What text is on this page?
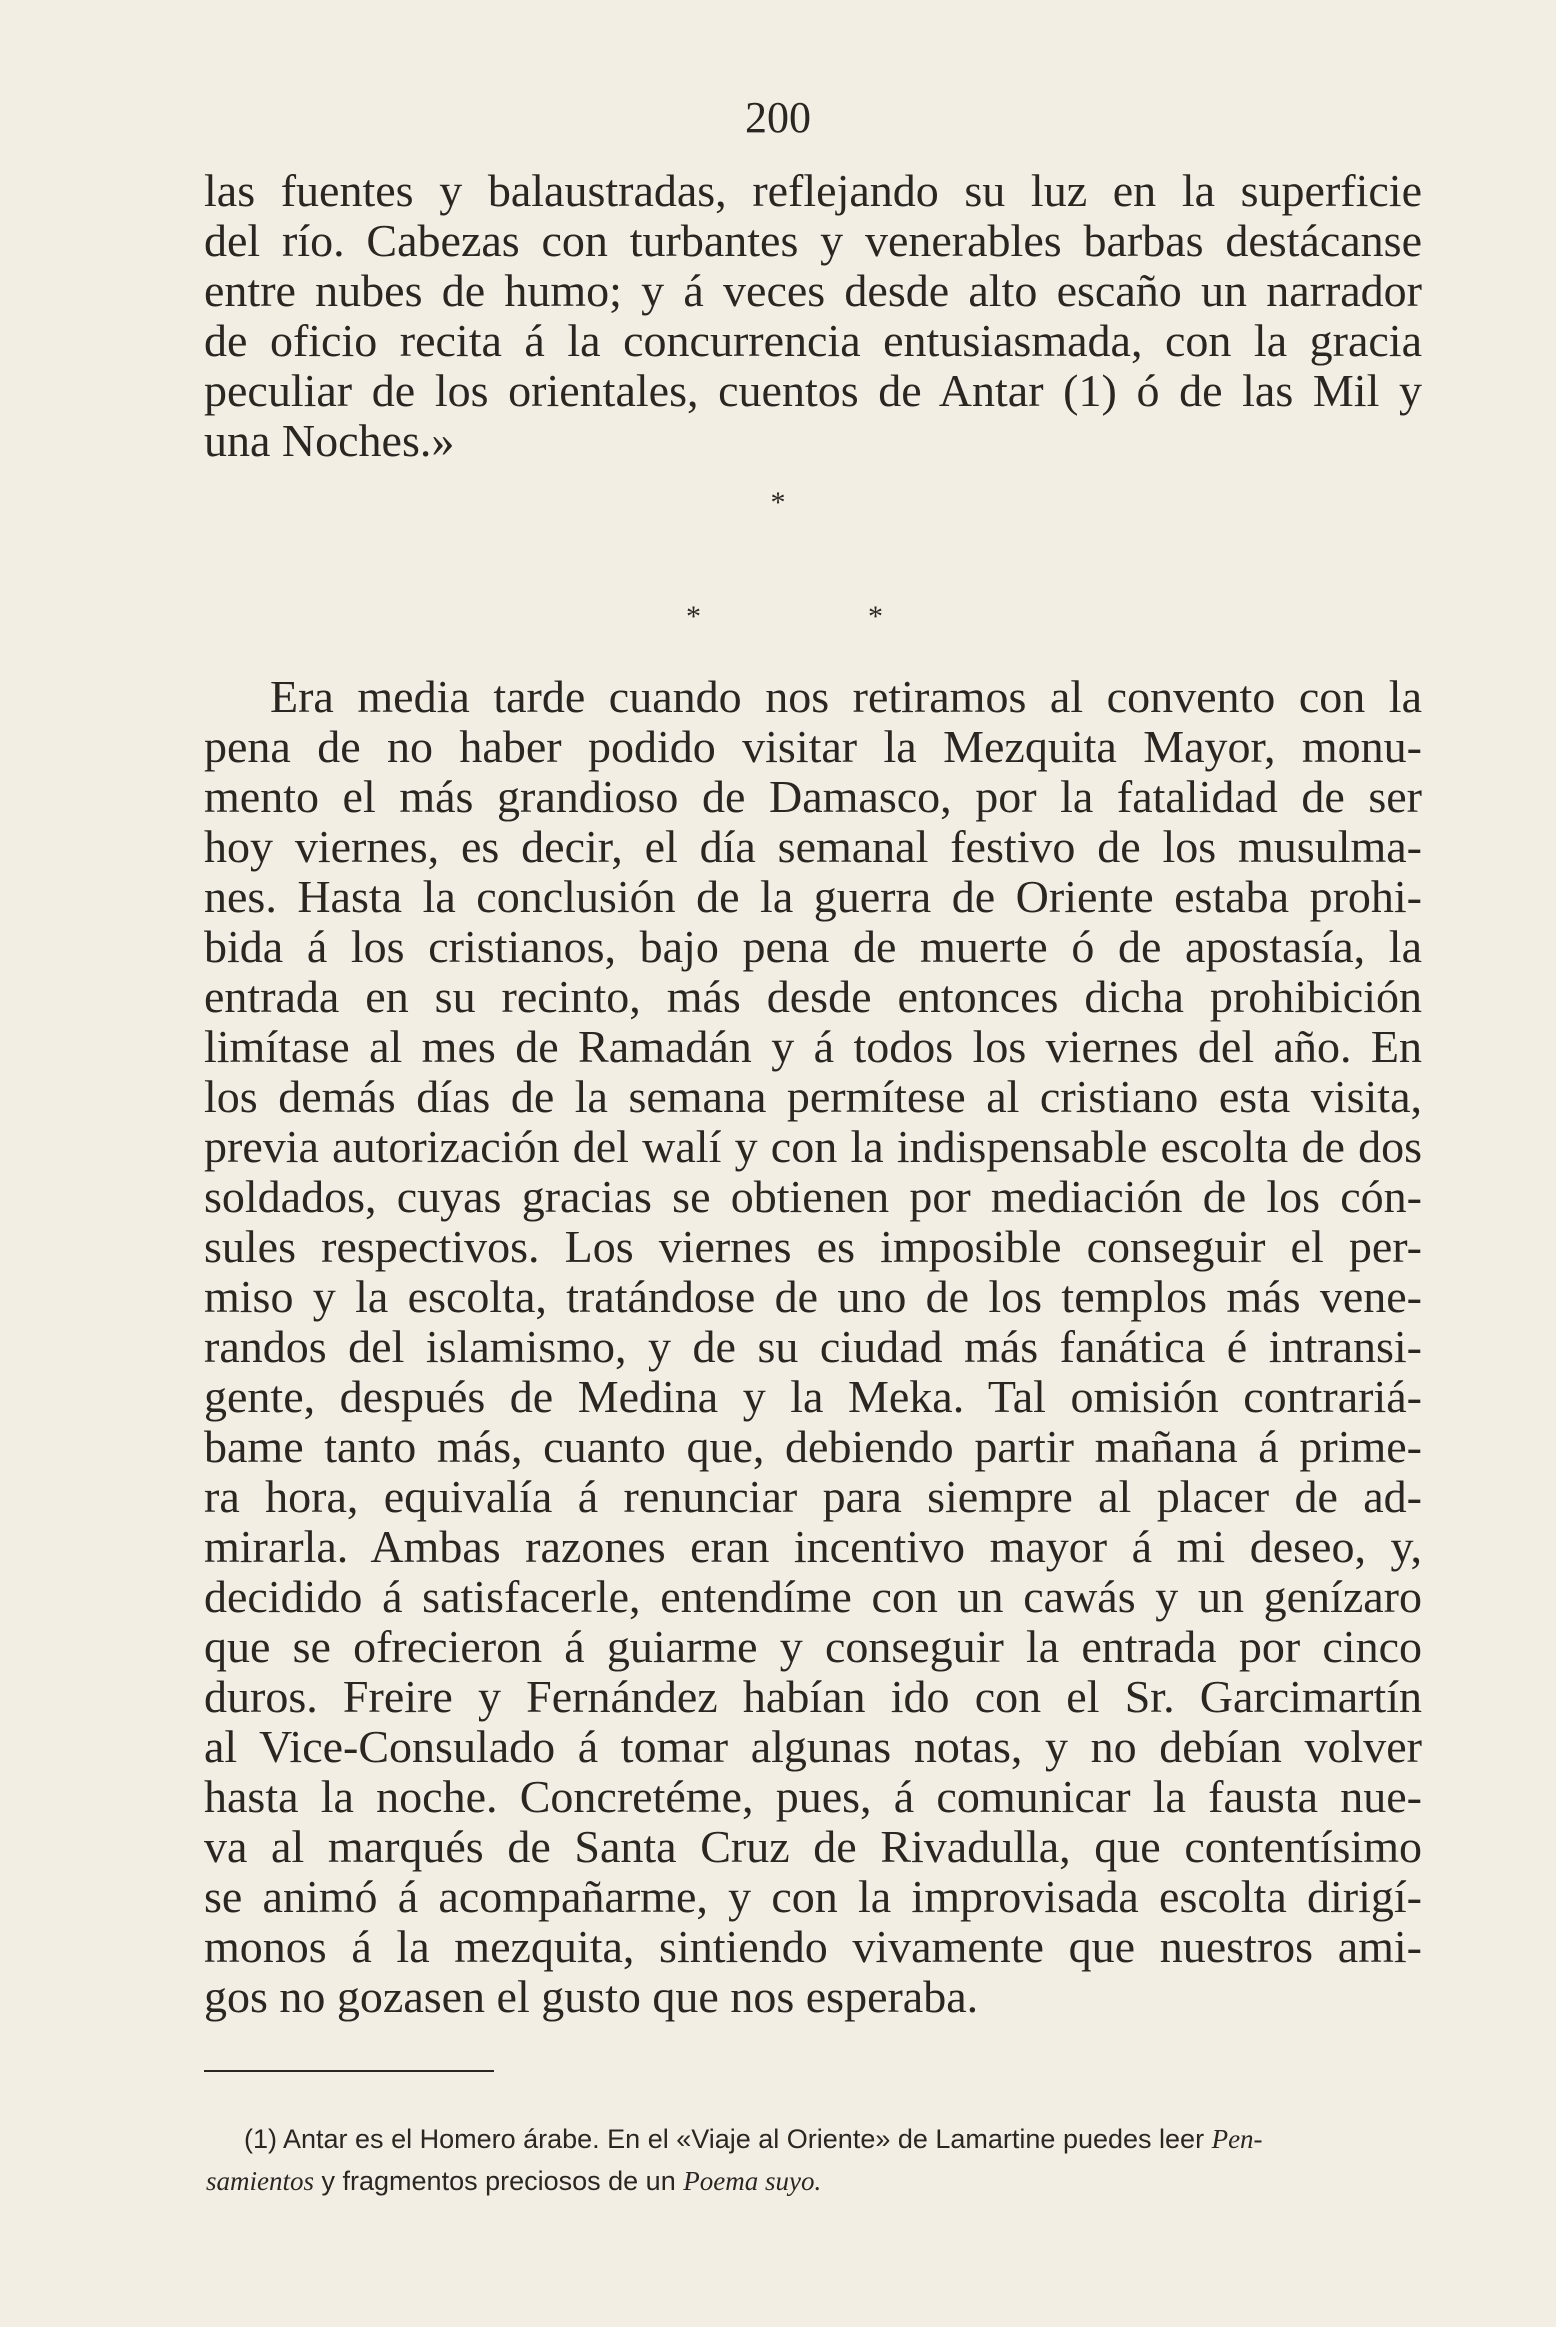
200
las fuentes y balaustradas, reflejando su luz en la superficie
del río. Cabezas con turbantes y venerables barbas destácanse
entre nubes de humo; y á veces desde alto escaño un narrador
de oficio recita á la concurrencia entusiasmada, con la gracia
peculiar de los orientales, cuentos de Antar (1) ó de las Mil y
una Noches.»
*
*	*
Era media tarde cuando nos retiramos al convento con la
pena de no haber podido visitar la Mezquita Mayor, monu-
mento el más grandioso de Damasco, por la fatalidad de ser
hoy viernes, es decir, el día semanal festivo de los musulma-
nes. Hasta la conclusión de la guerra de Oriente estaba prohi-
bida á los cristianos, bajo pena de muerte ó de apostasía, la
entrada en su recinto, más desde entonces dicha prohibición
limítase al mes de Ramadán y á todos los viernes del año. En
los demás días de la semana permítese al cristiano esta visita,
previa autorización del walí y con la indispensable escolta de dos
soldados, cuyas gracias se obtienen por mediación de los cón-
sules respectivos. Los viernes es imposible conseguir el per-
miso y la escolta, tratándose de uno de los templos más vene-
randos del islamismo, y de su ciudad más fanática é intransi-
gente, después de Medina y la Meka. Tal omisión contrariá-
bame tanto más, cuanto que, debiendo partir mañana á prime-
ra hora, equivalía á renunciar para siempre al placer de ad-
mirarla. Ambas razones eran incentivo mayor á mi deseo, y,
decidido á satisfacerle, entendíme con un cawás y un genízaro
que se ofrecieron á guiarme y conseguir la entrada por cinco
duros. Freire y Fernández habían ido con el Sr. Garcimartín
al Vice-Consulado á tomar algunas notas, y no debían volver
hasta la noche. Concretéme, pues, á comunicar la fausta nue-
va al marqués de Santa Cruz de Rivadulla, que contentísimo
se animó á acompañarme, y con la improvisada escolta dirigí-
monos á la mezquita, sintiendo vivamente que nuestros ami-
gos no gozasen el gusto que nos esperaba.
(1) Antar es el Homero árabe. En el «Viaje al Oriente» de Lamartine puedes leer Pen-
samientos y fragmentos preciosos de un Poema suyo.
